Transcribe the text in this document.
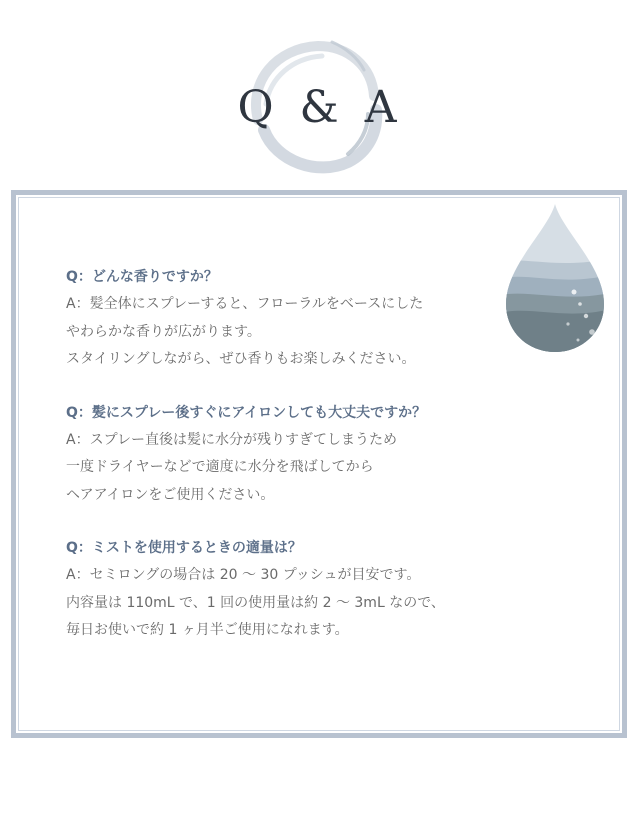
Q & A
Q：どんな香りですか？
A：髪全体にスプレーすると、フローラルをベースにした
やわらかな香りが広がります。
スタイリングしながら、ぜひ香りもお楽しみください。
Q：髪にスプレー後すぐにアイロンしても大丈夫ですか？
A：スプレー直後は髪に水分が残りすぎてしまうため
一度ドライヤーなどで適度に水分を飛ばしてから
ヘアアイロンをご使用ください。
Q：ミストを使用するときの適量は？
A：セミロングの場合は 20 〜 30 プッシュが目安です。
内容量は 110mL で、1 回の使用量は約 2 〜 3mL なので、
毎日お使いで約 1 ヶ月半ご使用になれます。
